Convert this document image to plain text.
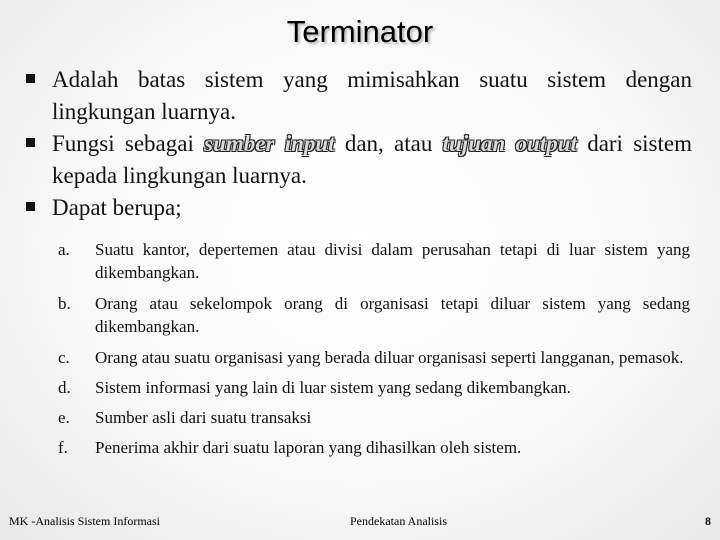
Terminator
Adalah batas sistem yang mimisahkan suatu sistem dengan lingkungan luarnya.
Fungsi sebagai sumber input dan, atau tujuan output dari sistem kepada lingkungan luarnya.
Dapat berupa;
a. Suatu kantor, depertemen atau divisi dalam perusahan tetapi di luar sistem yang dikembangkan.
b. Orang atau sekelompok orang di organisasi tetapi diluar sistem yang sedang dikembangkan.
c. Orang atau suatu organisasi yang berada diluar organisasi seperti langganan, pemasok.
d. Sistem informasi yang lain di luar sistem yang sedang dikembangkan.
e. Sumber asli dari suatu transaksi
f. Penerima akhir dari suatu laporan yang dihasilkan oleh sistem.
MK -Analisis Sistem Informasi	Pendekatan Analisis	8
